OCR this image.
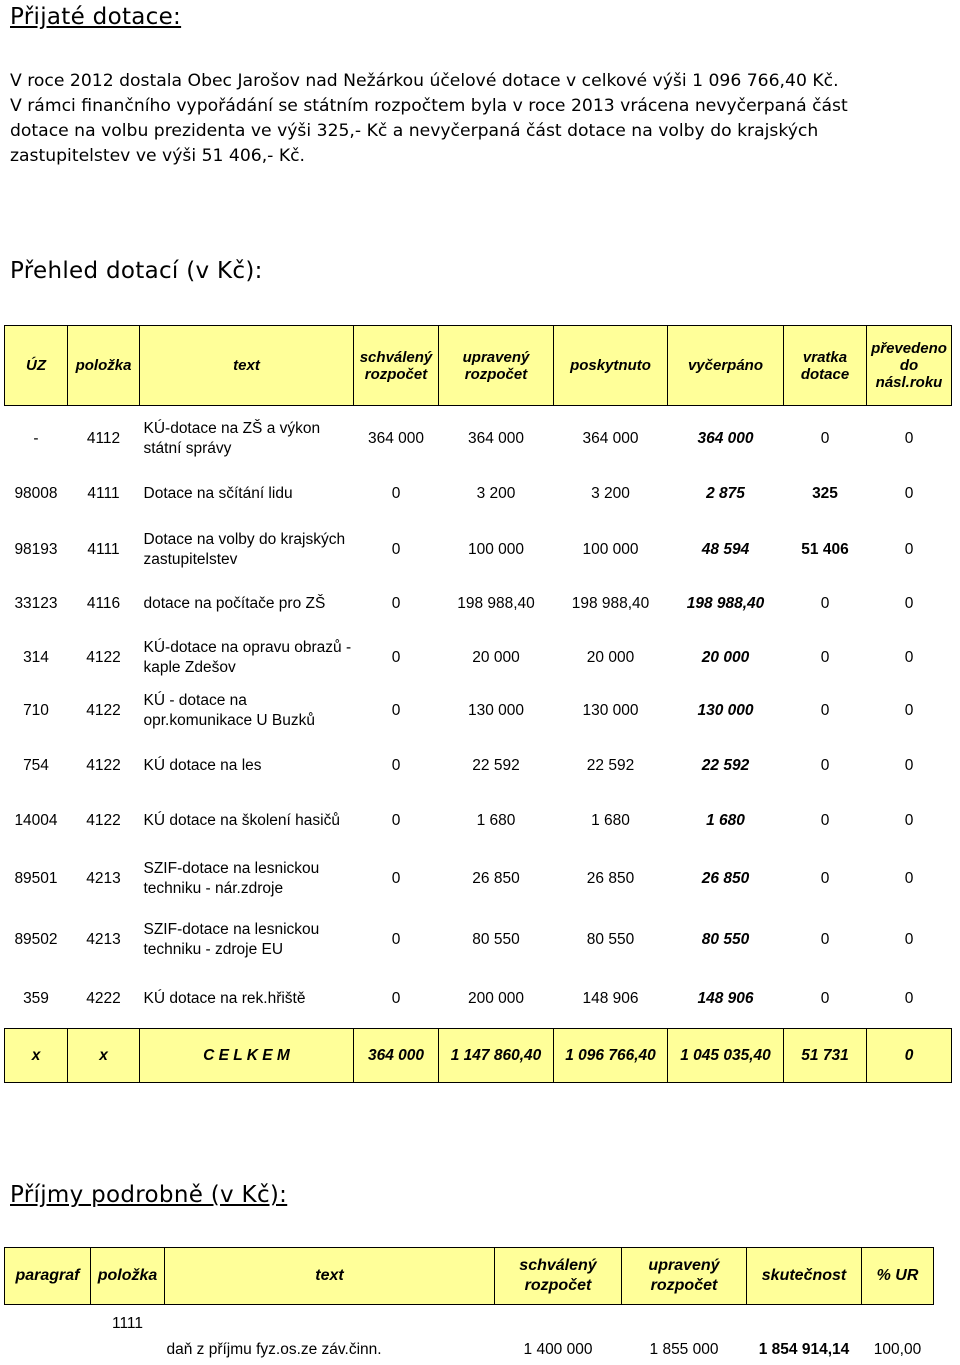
Přijaté dotace:
V roce 2012 dostala Obec Jarošov nad Nežárkou účelové dotace v celkové výši 1 096 766,40 Kč.
V rámci finančního vypořádání se státním rozpočtem byla v roce 2013 vrácena nevyčerpaná část
dotace na volbu prezidenta ve výši 325,- Kč a nevyčerpaná část dotace na volby do krajských
zastupitelstev ve výši 51 406,- Kč.
Přehled dotací (v Kč):
ÚZ	položka	text	schválený rozpočet	upravený rozpočet	poskytnuto	vyčerpáno	vratka dotace	převedeno do násl.roku

-	4112	KÚ-dotace na ZŠ a výkon státní správy	364 000	364 000	364 000	364 000	0	0

98008	4111	Dotace na sčítání lidu	0	3 200	3 200	2 875	325	0

98193	4111	Dotace na volby do krajských zastupitelstev	0	100 000	100 000	48 594	51 406	0
33123	4116	dotace na počítače pro ZŠ	0	198 988,40	198 988,40	198 988,40	0	0
314	4122	KÚ-dotace na opravu obrazů -kaple Zdešov	0	20 000	20 000	20 000	0	0
710	4122	KÚ - dotace na opr.komunikace U Buzků	0	130 000	130 000	130 000	0	0

754	4122	KÚ dotace na les	0	22 592	22 592	22 592	0	0

14004	4122	KÚ dotace na školení hasičů	0	1 680	1 680	1 680	0	0
89501	4213	SZIF-dotace na lesnickou techniku - nár.zdroje	0	26 850	26 850	26 850	0	0
89502	4213	SZIF-dotace na lesnickou techniku - zdroje EU	0	80 550	80 550	80 550	0	0

359	4222	KÚ dotace na rek.hřiště	0	200 000	148 906	148 906	0	0

x	x	C E L K E M	364 000	1 147 860,40	1 096 766,40	1 045 035,40	51 731	0
Příjmy podrobně (v Kč):
paragraf	položka	text	schválený rozpočet	upravený rozpočet	skutečnost	% UR
	1111	daň z příjmu fyz.os.ze záv.činn.	1 400 000	1 855 000	1 854 914,14	100,00
